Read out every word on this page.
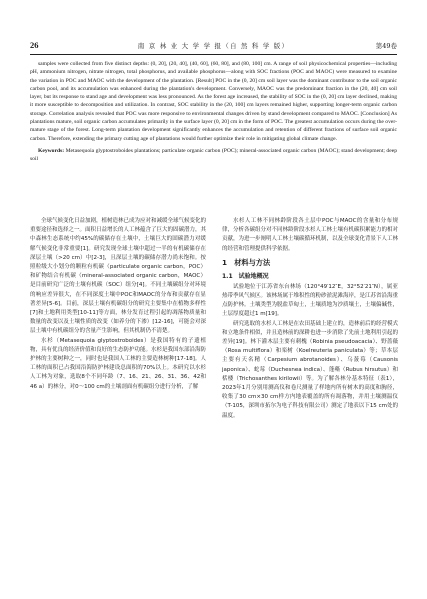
26	南 京 林 业 大 学 学 报（自 然 科 学 版）	第49卷

samples were collected from five distinct depths: (0, 20], (20, 40], (40, 60], (60, 80], and (80, 100] cm. A range of soil physicochemical properties—including pH, ammonium nitrogen, nitrate nitrogen, total phosphorus, and available phosphorus—along with SOC fractions (POC and MAOC) were measured to examine the variation in POC and MAOC with the development of the plantation. [Result] POC in the (0, 20] cm soil layer was the dominant contributor to the soil organic carbon pool, and its accumulation was enhanced during the plantation's development. Conversely, MAOC was the predominant fraction in the (20, 40] cm soil layer, but its response to stand age and development was less pronounced. As the forest age increased, the stability of SOC in the (0, 20] cm layer declined, making it more susceptible to decomposition and utilization. In contrast, SOC stability in the (20, 100] cm layers remained higher, supporting longer-term organic carbon storage. Correlation analysis revealed that POC was more responsive to environmental changes driven by stand development compared to MAOC. [Conclusion] As plantations mature, soil organic carbon accumulates primarily in the surface layer (0, 20] cm in the form of POC. The greatest accumulation occurs during the over-mature stage of the forest. Long-term plantation development significantly enhances the accumulation and retention of different fractions of surface soil organic carbon. Therefore, extending the primary cutting age of plantations would further optimize their role in mitigating global climate change.

Keywords: Metasequoia glyptostroboides plantations; particulate organic carbon (POC); mineral-associated organic carbon (MAOC); stand development; deep soil

全球气候变化日益加剧，植树造林已成为应对和减缓全球气候变化的重要途径和选择之一。面积日益增长的人工林蕴含了巨大的固碳潜力，其中森林生态系统中约45%的碳储存在土壤中，土壤巨大的固碳潜力对缓解气候变化非常重要[1]。研究发现全球土壤中超过一半的有机碳储存在深层土壤（>20 cm）中[2-3]，且深层土壤的碳储存潜力尚未饱和。按照粒级大小划分的颗粒有机碳（particulate organic carbon，POC）和矿物结合有机碳（mineral-associated organic carbon，MAOC）是目前研究广泛的土壤有机碳（SOC）组分[4]。不同土壤碳组分对环境的响应差异很大，在不同深度土壤中POC和MAOC的分布和贡献存在显著差异[5-6]。目前，深层土壤有机碳组分的研究主要集中在植物多样性[7]和土地利用类型[10-11]等方面，林分发育过程引起的凋落物质量和数量的改变以及土壤性质的改变（如养分的下渗）[12-16]，可能会对深层土壤中有机碳组分的含量产生影响，但其机制仍不清楚。

水杉（Metasequoia glyptostroboides）是我国特有的子遗植物，具有优良的经济价值和良好的生态防护功能。水杉是我国东部沿海防护林的主要树种之一，同时也是我国人工林的主要造林树种[17-18]。人工林的面积已占我国沿海防护林建设总面积的70%以上。本研究以水杉人工林为对象，选取8个不同年龄（7、16、21、26、31、36、42和46 a）的林分，对0～100 cm的土壤剖面有机碳组分进行分析，了解

水杉人工林不同林龄阶段各土层中POC与MAOC的含量和分布规律，分析各碳组分对不同林龄阶段水杉人工林土壤有机碳积累能力的相对贡献，为进一步阐明人工林土壤碳循环机制，以及全球变化背景下人工林的经营和管理提供科学依据。

1　材料与方法
1.1　试验地概况

试验地位于江苏省东台林场（120°49′12″E，32°52′21″N），属亚热带季风气候区。该林场属于堆积性的粉砂淤泥滩海岸，是江苏省沿海重点防护林。土壤类型为脱盐草甸土，土壤质地为沙质壤土，土壤偏碱性，土层厚度超过1 m[19]。

研究选取的水杉人工林是在农田基础上建立的，造林前后的经营模式和立地条件相似，并且造林前的深耕也进一步消除了先前土地利用引起的差异[19]。林下灌木层主要有刺槐（Robinia pseudoacacia）、野蔷薇（Rosa multiflora）和栾树（Koelreuteria paniculata）等；草本层主要有天名精（Carpesium abrotanoides）、乌蔹莓（Causonis japonica）、蛇莓（Duchesnea indica）、蓬蘽（Rubus hirsutus）和栝楼（Trichosanthes kirilowii）等。为了解各林分基本特征（表1），2023年1月分别用测高仪和卷尺测量了样地内所有树木的高度和胸径，收集了30 cm×30 cm样方内地表覆盖的所有凋落物，并用土壤测温仪（T-105，深圳市拓尔为电子科技有限公司）测定了地表以下15 cm处的温度。
